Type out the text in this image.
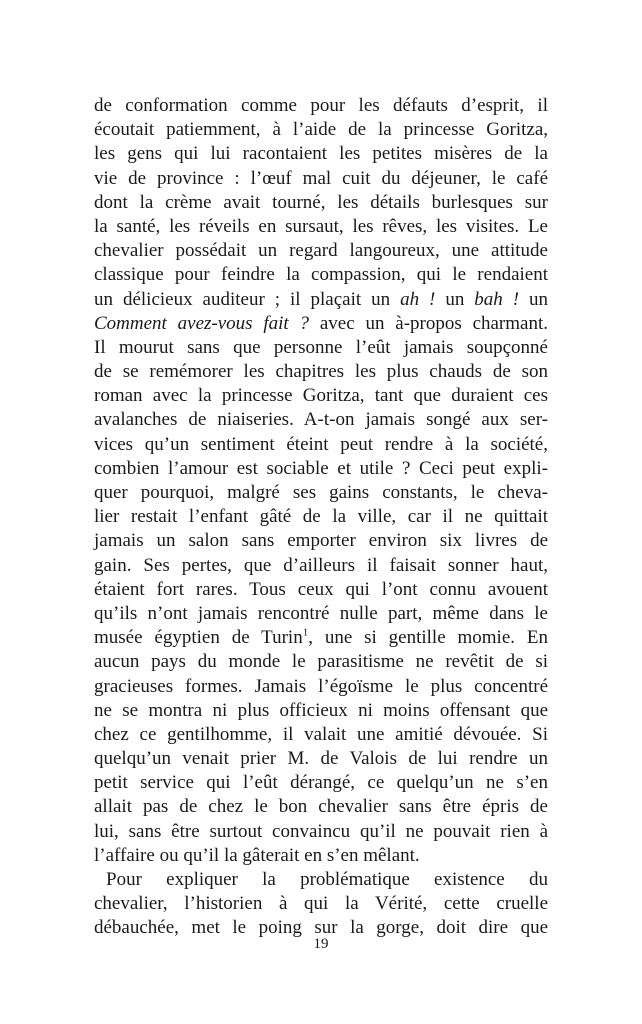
de conformation comme pour les défauts d’esprit, il
écoutait patiemment, à l’aide de la princesse Goritza,
les gens qui lui racontaient les petites misères de la
vie de province : l’œuf mal cuit du déjeuner, le café
dont la crème avait tourné, les détails burlesques sur
la santé, les réveils en sursaut, les rêves, les visites. Le
chevalier possédait un regard langoureux, une attitude
classique pour feindre la compassion, qui le rendaient
un délicieux auditeur ; il plaçait un ah ! un bah ! un
Comment avez-vous fait ? avec un à-propos charmant.
Il mourut sans que personne l’eût jamais soupçonné
de se remémorer les chapitres les plus chauds de son
roman avec la princesse Goritza, tant que duraient ces
avalanches de niaiseries. A-t-on jamais songé aux ser-
vices qu’un sentiment éteint peut rendre à la société,
combien l’amour est sociable et utile ? Ceci peut expli-
quer pourquoi, malgré ses gains constants, le cheva-
lier restait l’enfant gâté de la ville, car il ne quittait
jamais un salon sans emporter environ six livres de
gain. Ses pertes, que d’ailleurs il faisait sonner haut,
étaient fort rares. Tous ceux qui l’ont connu avouent
qu’ils n’ont jamais rencontré nulle part, même dans le
musée égyptien de Turin$^1$, une si gentille momie. En
aucun pays du monde le parasitisme ne revêtit de si
gracieuses formes. Jamais l’égoïsme le plus concentré
ne se montra ni plus officieux ni moins offensant que
chez ce gentilhomme, il valait une amitié dévouée. Si
quelqu’un venait prier M. de Valois de lui rendre un
petit service qui l’eût dérangé, ce quelqu’un ne s’en
allait pas de chez le bon chevalier sans être épris de
lui, sans être surtout convaincu qu’il ne pouvait rien à
l’affaire ou qu’il la gâterait en s’en mêlant.

Pour expliquer la problématique existence du
chevalier, l’historien à qui la Vérité, cette cruelle
débauchée, met le poing sur la gorge, doit dire que

19
